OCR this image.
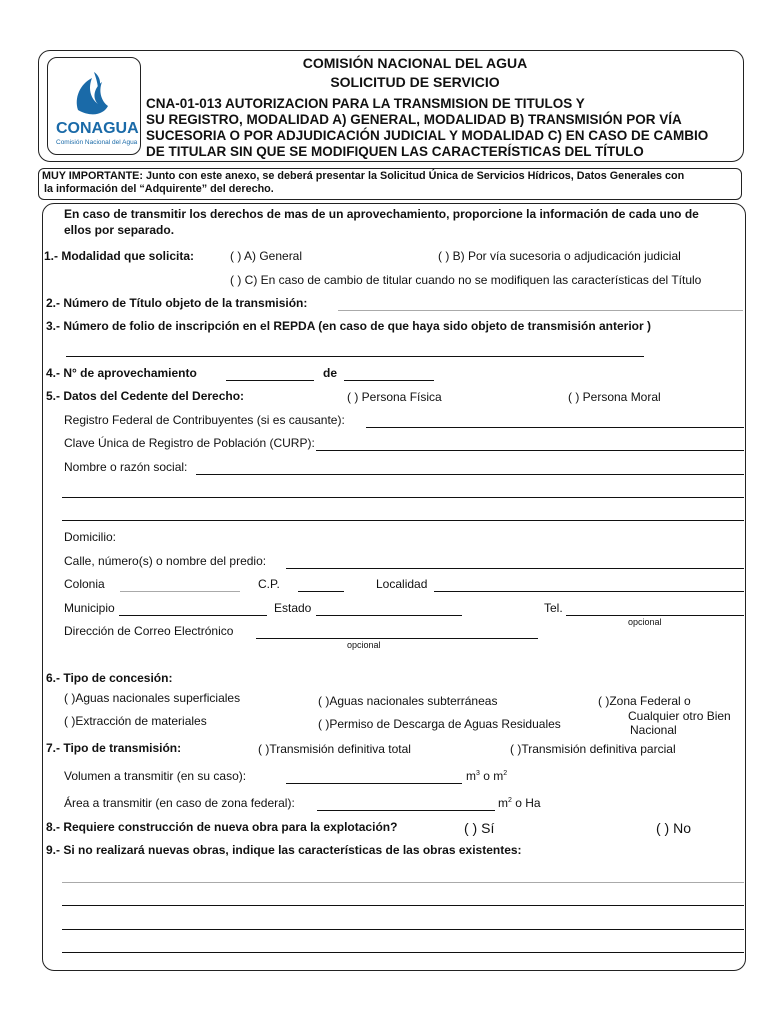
CONAGUA
Comisión Nacional del Agua
COMISIÓN NACIONAL DEL AGUA
SOLICITUD DE SERVICIO
CNA-01-013 AUTORIZACION PARA LA TRANSMISION DE TITULOS Y
SU REGISTRO, MODALIDAD A) GENERAL, MODALIDAD B) TRANSMISIÓN POR VÍA
SUCESORIA O POR ADJUDICACIÓN JUDICIAL Y MODALIDAD C) EN CASO DE CAMBIO
DE TITULAR SIN QUE SE MODIFIQUEN LAS CARACTERÍSTICAS DEL TÍTULO
MUY IMPORTANTE: Junto con este anexo, se deberá presentar la Solicitud Única de Servicios Hídricos, Datos Generales con
la información del “Adquirente” del derecho.
En caso de transmitir los derechos de mas de un aprovechamiento, proporcione la información de cada uno de
ellos por separado.
1.- Modalidad que solicita:	( ) A) General	( ) B) Por vía sucesoria o adjudicación judicial
( ) C) En caso de cambio de titular cuando no se modifiquen las características del Título
2.- Número de Título objeto de la transmisión:
3.- Número de folio de inscripción en el REPDA (en caso de que haya sido objeto de transmisión anterior )
4.- N° de aprovechamiento	de
5.- Datos del Cedente del Derecho:	( ) Persona Física	( ) Persona Moral
Registro Federal de Contribuyentes (si es causante):
Clave Única de Registro de Población (CURP):
Nombre o razón social:
Domicilio:
Calle, número(s) o nombre del predio:
Colonia	C.P.	Localidad
Municipio	Estado	Tel.
opcional
Dirección de Correo Electrónico
opcional
6.- Tipo de concesión:
( )Aguas nacionales superficiales	( )Aguas nacionales subterráneas	( )Zona Federal o
Cualquier otro Bien
Nacional
( )Extracción de materiales	( )Permiso de Descarga de Aguas Residuales
7.- Tipo de transmisión:	( )Transmisión definitiva total	( )Transmisión definitiva parcial
Volumen a transmitir (en su caso):	$m^3$ o $m^2$
Área a transmitir (en caso de zona federal):	$m^2$ o Ha
8.- Requiere construcción de nueva obra para la explotación?	( ) Sí	( ) No
9.- Si no realizará nuevas obras, indique las características de las obras existentes:
